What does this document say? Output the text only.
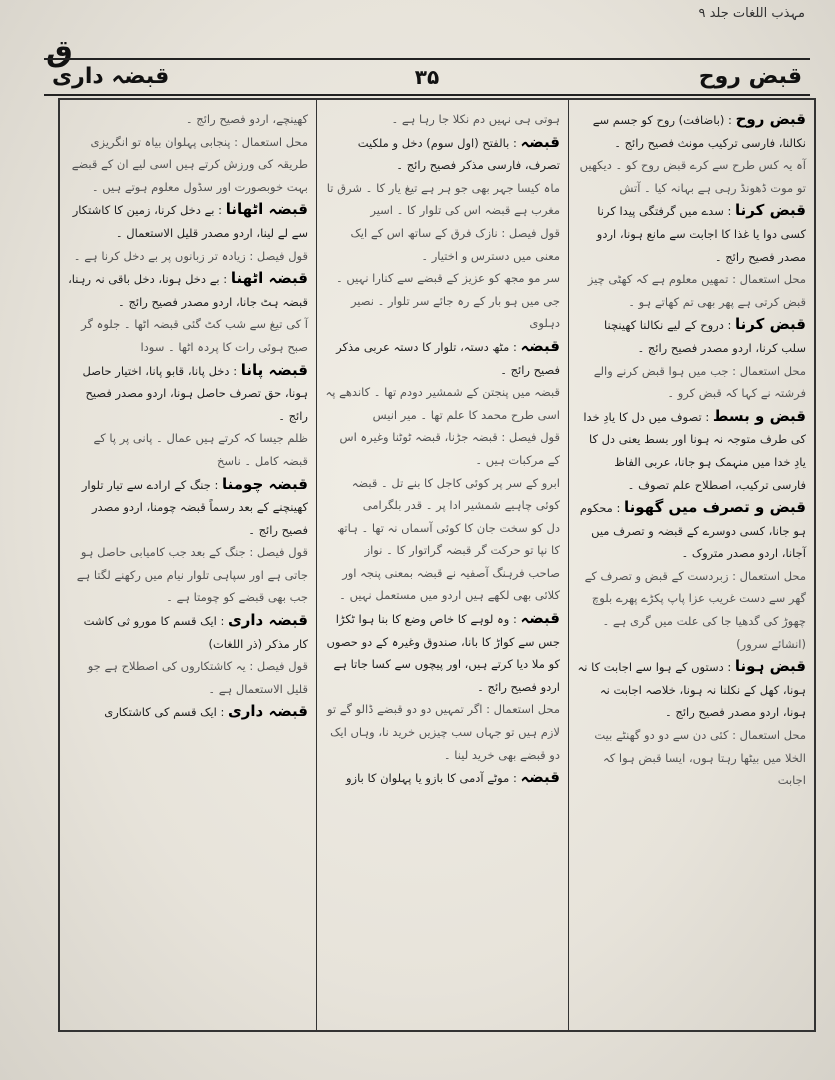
مہذب اللغات جلد ۹
ق
قبض روح
۳۵
قبضہ داری

قبض روح : (باضافت) روح کو جسم سے نکالنا، فارسی ترکیب مونث فصیح رائج ۔

آہ یہ کس طرح سے کرے قبض روح کو ۔ دیکھیں تو موت ڈھونڈ رہی ہے بہانہ کیا ۔ آتش

قبض کرنا : سدے میں گرفتگی پیدا کرنا کسی دوا یا غذا کا اجابت سے مانع ہونا، اردو مصدر فصیح رائج ۔

محل استعمال : تمھیں معلوم ہے کہ کھٹی چیز قبض کرتی ہے پھر بھی تم کھاتے ہو ۔

قبض کرنا : دروح کے لیے نکالنا کھینچنا سلب کرنا، اردو مصدر فصیح رائج ۔

محل استعمال : جب میں ہوا قبض کرنے والے فرشتہ نے کہا کہ قبض کرو ۔

قبض و بسط : تصوف میں دل کا یادِ خدا کی طرف متوجہ نہ ہونا اور بسط یعنی دل کا یادِ خدا میں منہمک ہو جانا، عربی الفاظ فارسی ترکیب، اصطلاح علم تصوف ۔

قبض و تصرف میں گھونا : محکوم ہو جانا، کسی دوسرے کے قبضہ و تصرف میں آجانا، اردو مصدر متروک ۔

محل استعمال : زبردست کے قبض و تصرف کے گھر سے دست غریب عزا پاپ پکڑے پھرے بلوچ چھوڑ کی گدھیا جا کی علت میں گری ہے ۔ (انشائے سرور)

قبض ہونا : دستوں کے ہوا سے اجابت کا نہ ہونا، کھل کے نکلنا نہ ہونا، خلاصہ اجابت نہ ہونا، اردو مصدر فصیح رائج ۔

محل استعمال : کئی دن سے دو دو گھنٹے بیت الخلا میں بیٹھا رہتا ہوں، ایسا قبض ہوا کہ اجابت

ہوتی ہی نہیں دم نکلا جا رہا ہے ۔

قبضہ : بالفتح (اول سوم) دخل و ملکیت تصرف، فارسی مذکر فصیح رائج ۔

ماہ کیسا جہر بھی جو ہر ہے تیغ یار کا ۔ شرق تا مغرب ہے قبضہ اس کی تلوار کا ۔ اسیر

قول فیصل : نازک فرق کے ساتھ اس کے ایک معنی میں دسترس و اختیار ۔

سر مو مجھ کو عزیز کے قبضے سے کنارا نہیں ۔ جی میں ہو بار کے رہ جائے سر تلوار ۔ نصیر دہلوی

قبضہ : مٹھ دستہ، تلوار کا دستہ عربی مذکر فصیح رائج ۔

قبضہ میں پنجتن کے شمشیر دودم تھا ۔ کاندھے پہ اسی طرح محمد کا علم تھا ۔ میر انیس

قول فیصل : قبضہ جڑنا، قبضہ ٹوٹنا وغیرہ اس کے مرکبات ہیں ۔

ابرو کے سر پر کوئی کاجل کا بنے تل ۔ قبضہ کوئی چاہیے شمشیر ادا پر ۔ قدر بلگرامی

دل کو سخت جان کا کوئی آسماں نہ تھا ۔ ہاتھ کا نپا تو حرکت گر قبضہ گراتوار کا ۔ نواز

صاحب فرہنگ آصفیہ نے قبضہ بمعنی پنجہ اور کلائی بھی لکھے ہیں اردو میں مستعمل نہیں ۔

قبضہ : وہ لوہے کا خاص وضع کا بنا ہوا ٹکڑا جس سے کواڑ کا بانا، صندوق وغیرہ کے دو حصوں کو ملا دیا کرتے ہیں، اور پیچوں سے کسا جاتا ہے اردو فصیح رائج ۔

محل استعمال : اگر تمہیں دو دو قبضے ڈالو گے تو لازم ہیں تو جہاں سب چیزیں خرید نا، وہاں ایک دو قبضے بھی خرید لینا ۔

قبضہ : موٹے آدمی کا بازو یا پہلوان کا بازو

کھینچے، اردو فصیح رائج ۔

محل استعمال : پنجابی پہلوان بیاہ تو انگریزی طریقہ کی ورزش کرتے ہیں اسی لیے ان کے قبضے بہت خوبصورت اور سڈول معلوم ہوتے ہیں ۔

قبضہ اٹھانا : بے دخل کرنا، زمین کا کاشتکار سے لے لینا، اردو مصدر قلیل الاستعمال ۔

قول فیصل : زیادہ تر زبانوں پر بے دخل کرنا ہے ۔

قبضہ اٹھنا : بے دخل ہونا، دخل باقی نہ رہنا، قبضہ ہٹ جانا، اردو مصدر فصیح رائج ۔

آ کی تیغ سے شب کٹ گئی قبضہ اٹھا ۔ جلوہ گر صبح ہوئی رات کا پردہ اٹھا ۔ سودا

قبضہ پانا : دخل پانا، قابو پانا، اختیار حاصل ہونا، حق تصرف حاصل ہونا، اردو مصدر فصیح رائج ۔

ظلم جیسا کہ کرتے ہیں عمال ۔ پانی پر پا کے قبضہ کامل ۔ ناسخ

قبضہ چومنا : جنگ کے ارادے سے تیار تلوار کھینچنے کے بعد رسماً قبضہ چومنا، اردو مصدر فصیح رائج ۔

قول فیصل : جنگ کے بعد جب کامیابی حاصل ہو جاتی ہے اور سپاہی تلوار نیام میں رکھنے لگتا ہے جب بھی قبضے کو چومتا ہے ۔

قبضہ داری : ایک قسم کا مورو ثی کاشت کار مذکر (ذر اللغات)

قول فیصل : یہ کاشتکاروں کی اصطلاح ہے جو قلیل الاستعمال ہے ۔

قبضہ داری : ایک قسم کی کاشتکاری
